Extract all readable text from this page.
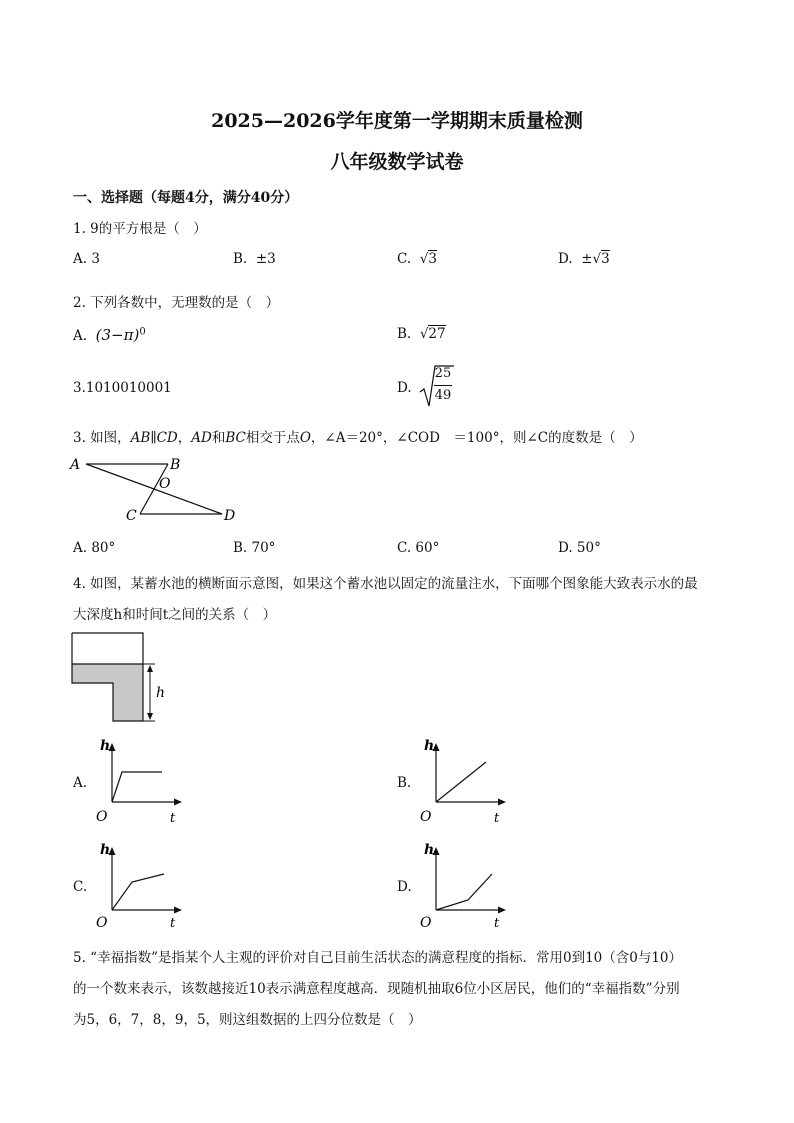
2025—2026学年度第一学期期末质量检测
八年级数学试卷
一、选择题（每题4分，满分40分）
1. 9的平方根是（　）
A. 3	B. ±3	C. √3	D. ±√3
2. 下列各数中，无理数的是（　）
A. $(3-\pi)^0$	B. √27
3.1010010001	D.
25
49
3. 如图，AB∥CD，AD和BC相交于点O，∠A＝20°，∠COD　＝100°，则∠C的度数是（　）
A	B
O
C	D
A. 80°	B. 70°	C. 60°	D. 50°
4. 如图，某蓄水池的横断面示意图，如果这个蓄水池以固定的流量注水，下面哪个图象能大致表示水的最
大深度h和时间t之间的关系（　）
h
A.
h
O	t
B.
h
O	t
C.
h
O	t
D.
h
O	t
5. “幸福指数”是指某个人主观的评价对自己目前生活状态的满意程度的指标．常用0到10（含0与10）
的一个数来表示，该数越接近10表示满意程度越高．现随机抽取6位小区居民，他们的“幸福指数”分别
为5，6，7，8，9，5，则这组数据的上四分位数是（　）
